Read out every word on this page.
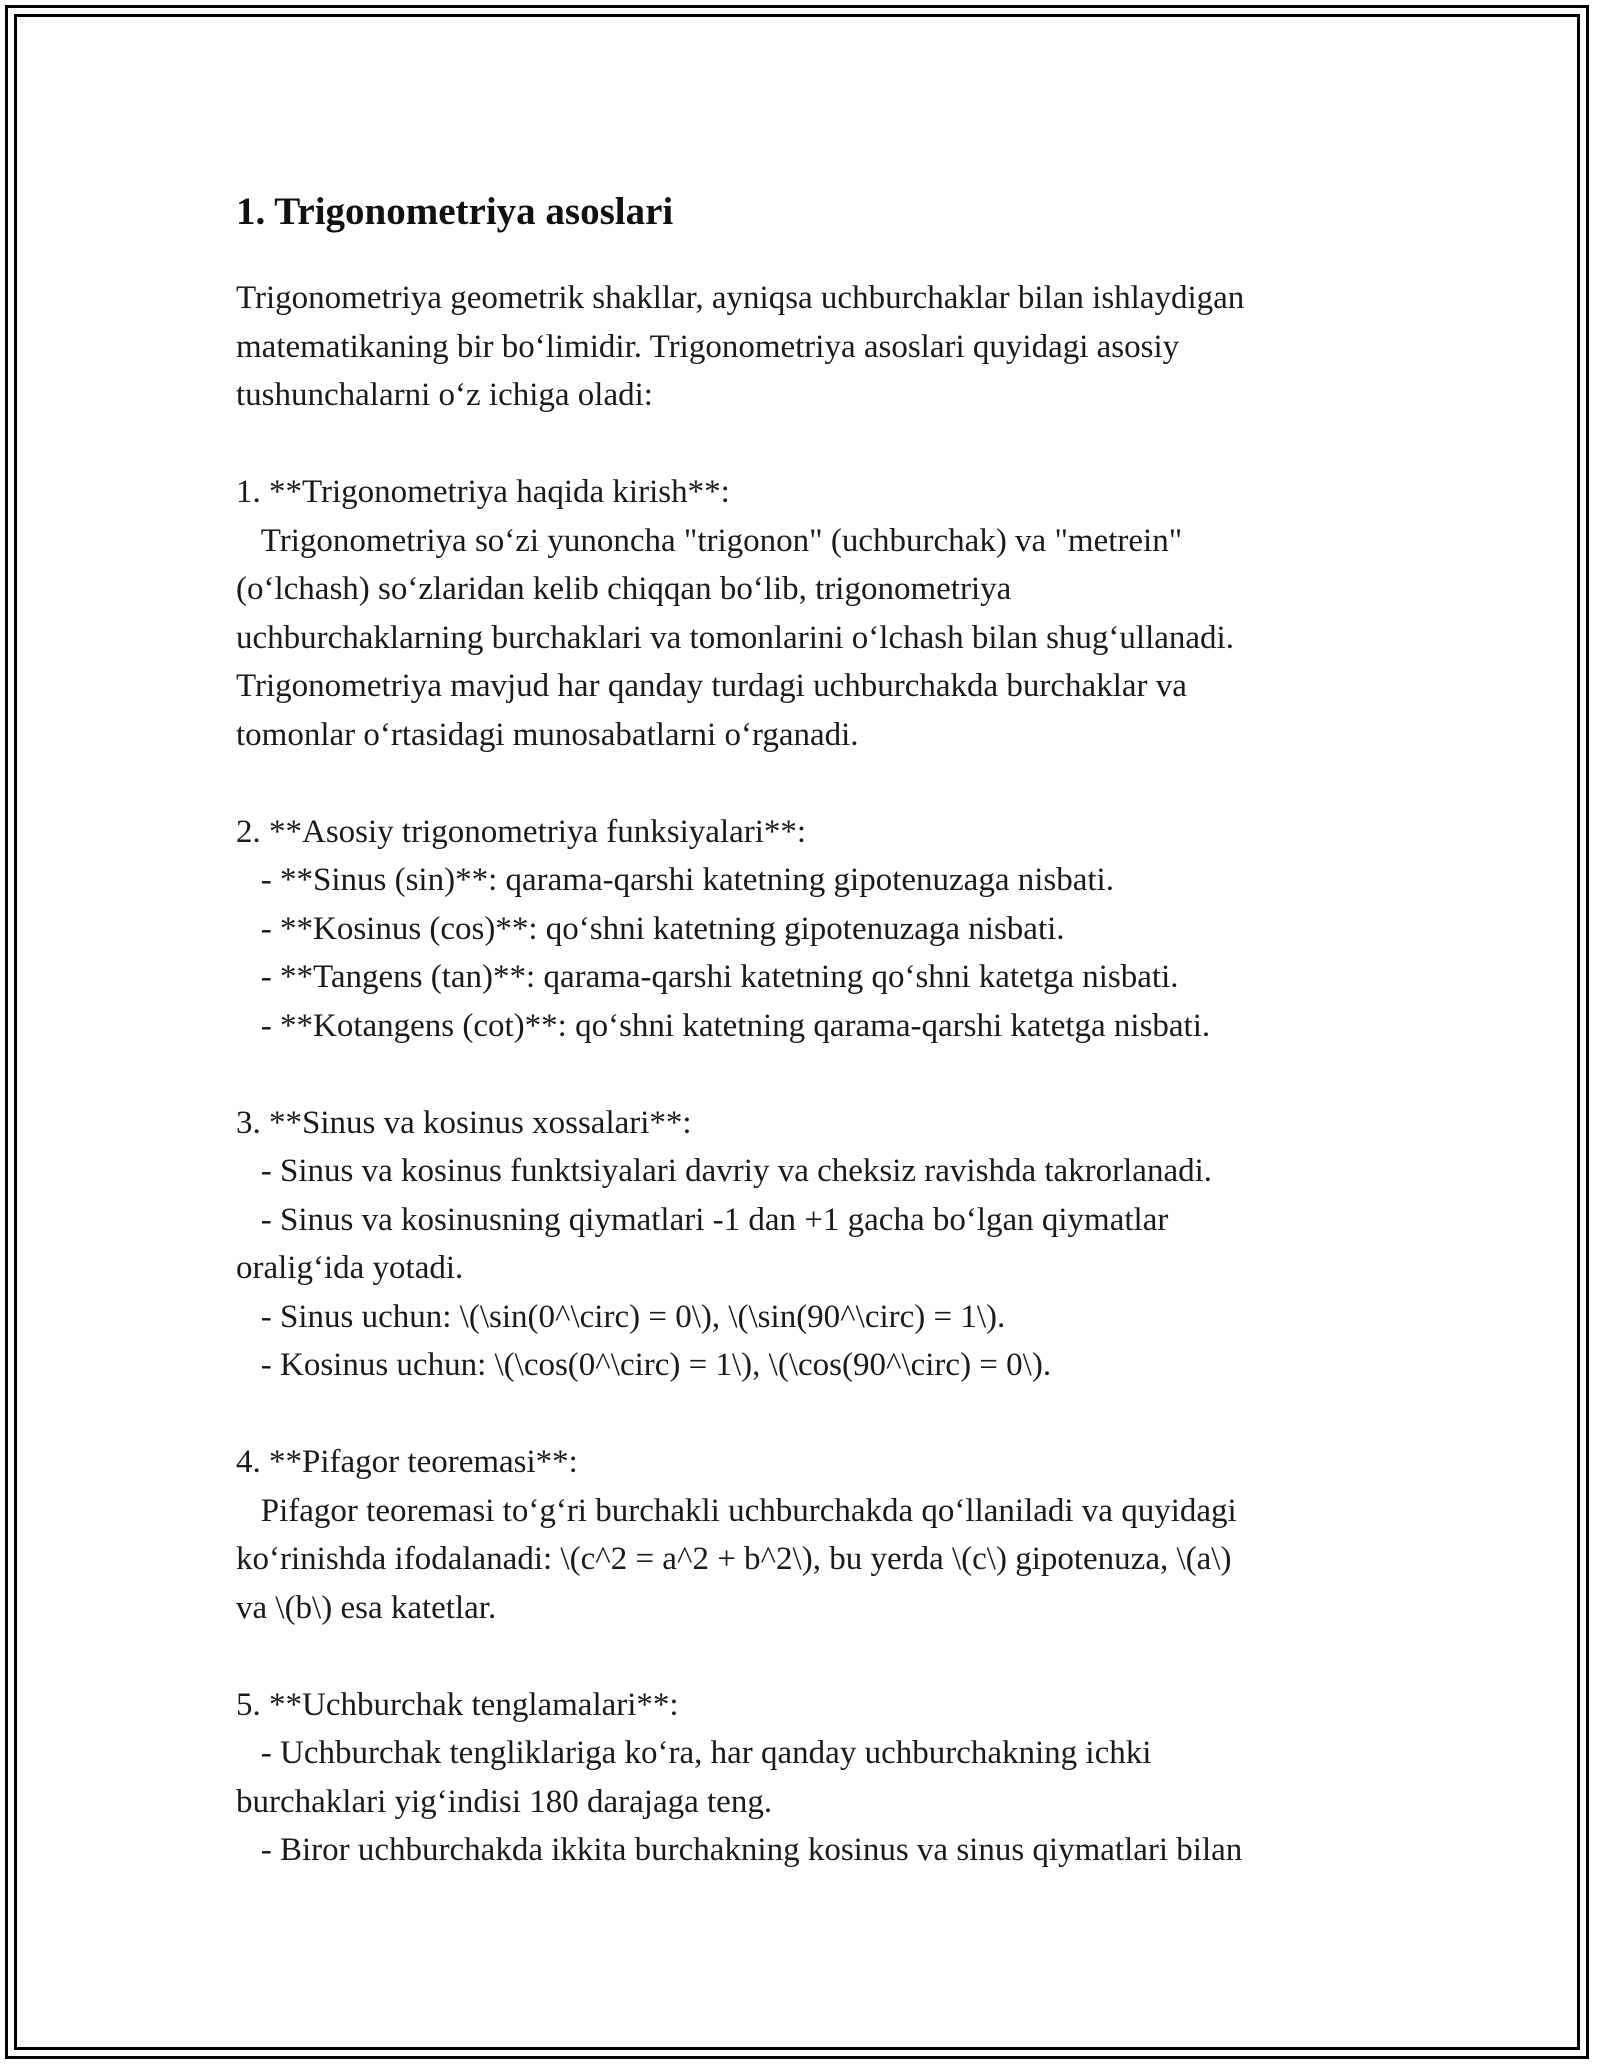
1. Trigonometriya asoslari

Trigonometriya geometrik shakllar, ayniqsa uchburchaklar bilan ishlaydigan
matematikaning bir bo‘limidir. Trigonometriya asoslari quyidagi asosiy
tushunchalarni o‘z ichiga oladi:

1. **Trigonometriya haqida kirish**:
Trigonometriya so‘zi yunoncha "trigonon" (uchburchak) va "metrein"
(o‘lchash) so‘zlaridan kelib chiqqan bo‘lib, trigonometriya
uchburchaklarning burchaklari va tomonlarini o‘lchash bilan shug‘ullanadi.
Trigonometriya mavjud har qanday turdagi uchburchakda burchaklar va
tomonlar o‘rtasidagi munosabatlarni o‘rganadi.

2. **Asosiy trigonometriya funksiyalari**:
- **Sinus (sin)**: qarama-qarshi katetning gipotenuzaga nisbati.
- **Kosinus (cos)**: qo‘shni katetning gipotenuzaga nisbati.
- **Tangens (tan)**: qarama-qarshi katetning qo‘shni katetga nisbati.
- **Kotangens (cot)**: qo‘shni katetning qarama-qarshi katetga nisbati.

3. **Sinus va kosinus xossalari**:
- Sinus va kosinus funktsiyalari davriy va cheksiz ravishda takrorlanadi.
- Sinus va kosinusning qiymatlari -1 dan +1 gacha bo‘lgan qiymatlar
oralig‘ida yotadi.
- Sinus uchun: \(\sin(0^\circ) = 0\), \(\sin(90^\circ) = 1\).
- Kosinus uchun: \(\cos(0^\circ) = 1\), \(\cos(90^\circ) = 0\).

4. **Pifagor teoremasi**:
Pifagor teoremasi to‘g‘ri burchakli uchburchakda qo‘llaniladi va quyidagi
ko‘rinishda ifodalanadi: \(c^2 = a^2 + b^2\), bu yerda \(c\) gipotenuza, \(a\)
va \(b\) esa katetlar.

5. **Uchburchak tenglamalari**:
- Uchburchak tengliklariga ko‘ra, har qanday uchburchakning ichki
burchaklari yig‘indisi 180 darajaga teng.
- Biror uchburchakda ikkita burchakning kosinus va sinus qiymatlari bilan
